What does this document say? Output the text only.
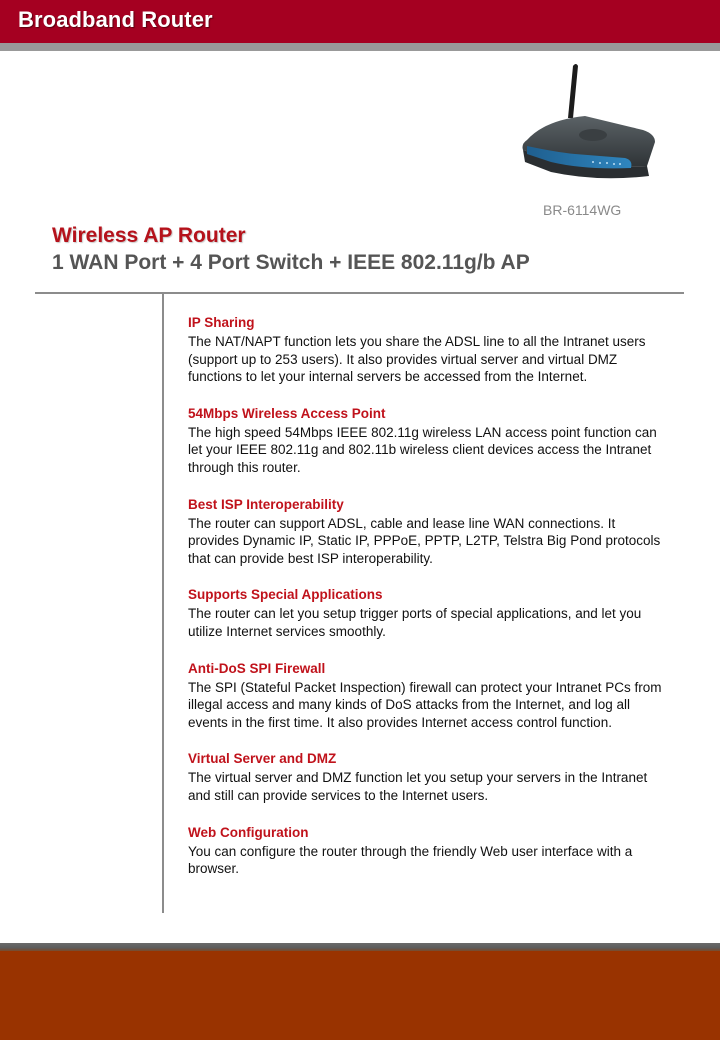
Broadband Router
BR-6114WG
Wireless AP Router
1 WAN Port + 4 Port Switch + IEEE 802.11g/b AP
IP Sharing
The NAT/NAPT function lets you share the ADSL line to all the Intranet users (support up to 253 users). It also provides virtual server and virtual DMZ functions to let your internal servers be accessed from the Internet.
54Mbps Wireless Access Point
The high speed 54Mbps IEEE 802.11g wireless LAN access point function can let your IEEE 802.11g and 802.11b wireless client devices access the Intranet through this router.
Best ISP Interoperability
The router can support ADSL, cable and lease line WAN connections. It provides Dynamic IP, Static IP, PPPoE, PPTP, L2TP, Telstra Big Pond protocols that can provide best ISP interoperability.
Supports Special Applications
The router can let you setup trigger ports of special applications, and let you utilize Internet services smoothly.
Anti-DoS SPI Firewall
The SPI (Stateful Packet Inspection) firewall can protect your Intranet PCs from illegal access and many kinds of DoS attacks from the Internet, and log all events in the first time. It also provides Internet access control function.
Virtual Server and DMZ
The virtual server and DMZ function let you setup your servers in the Intranet and still can provide services to the Internet users.
Web Configuration
You can configure the router through the friendly Web user interface with a browser.
